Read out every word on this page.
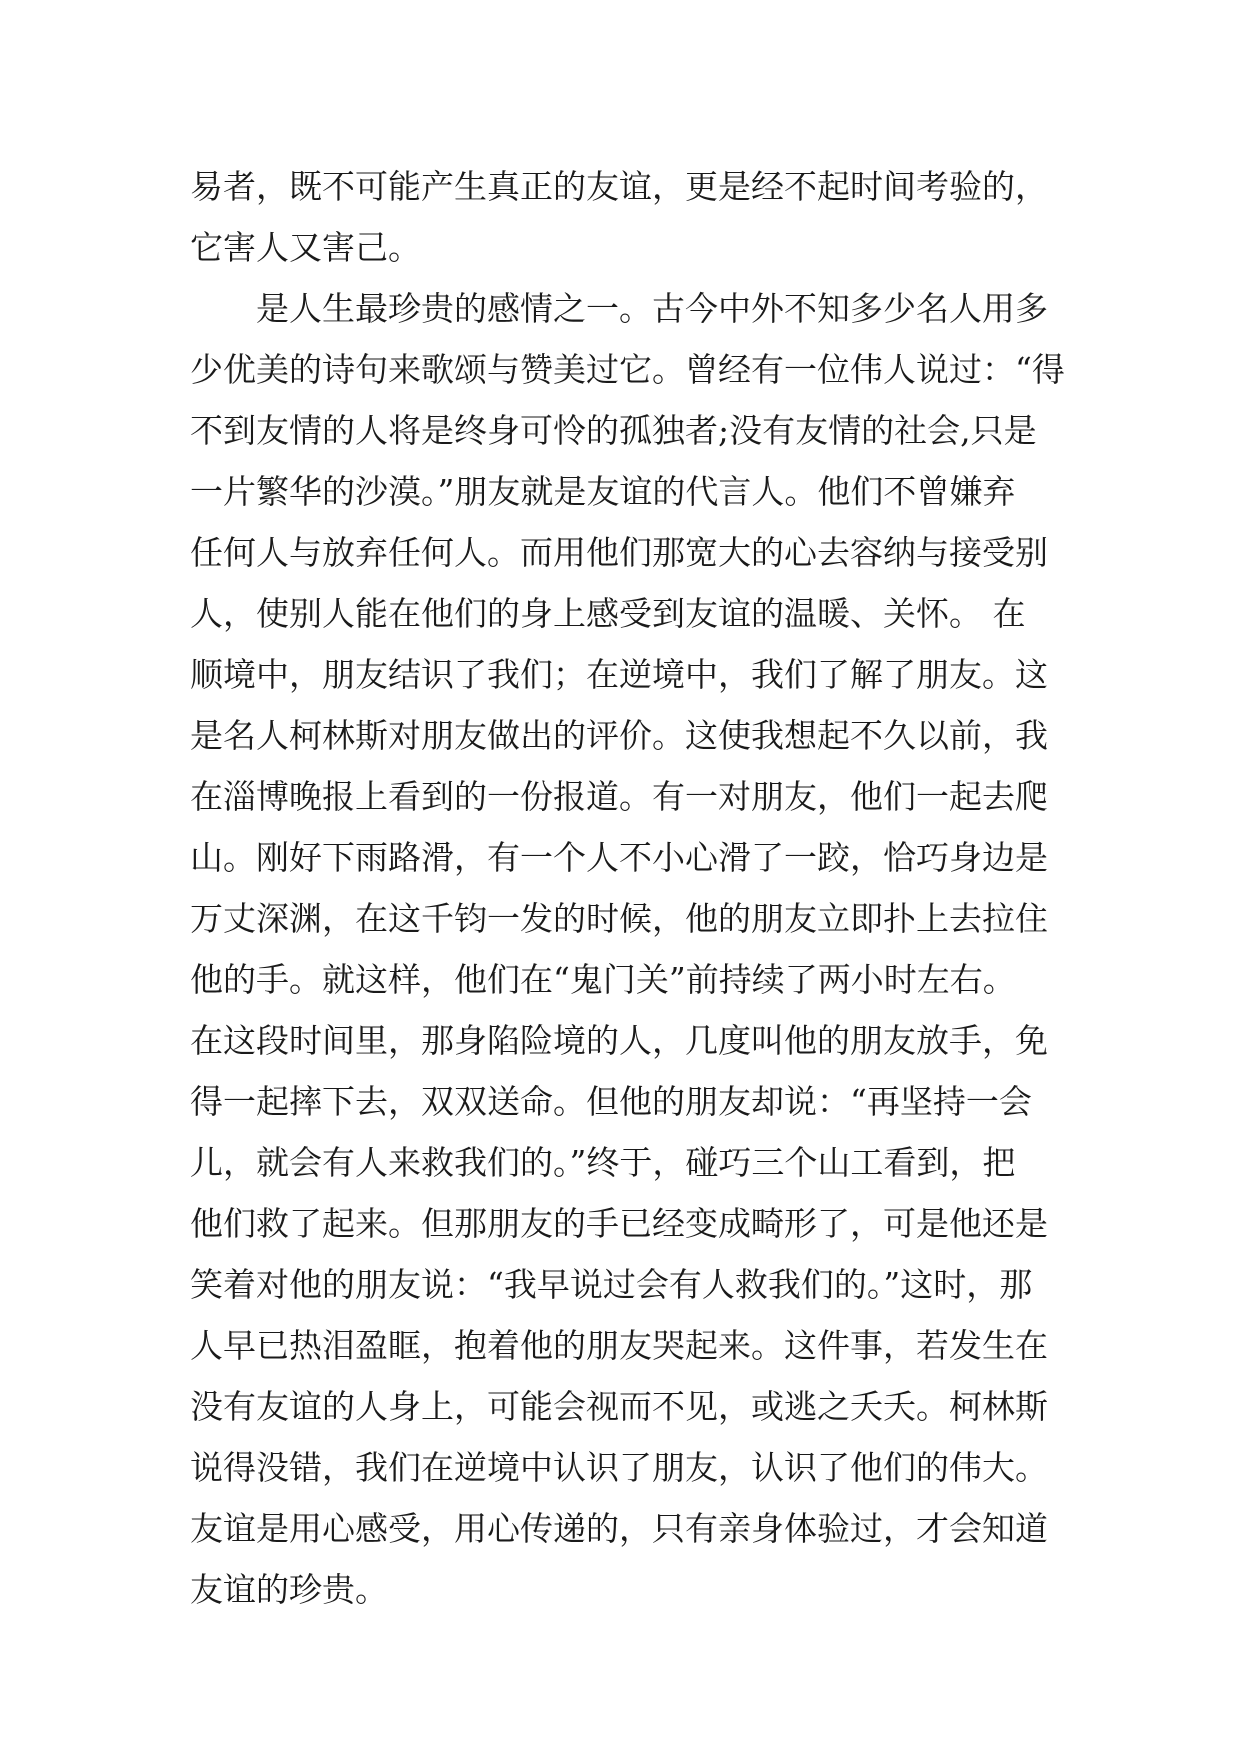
易者，既不可能产生真正的友谊，更是经不起时间考验的，
它害人又害己。
　　是人生最珍贵的感情之一。古今中外不知多少名人用多
少优美的诗句来歌颂与赞美过它。曾经有一位伟人说过：“得
不到友情的人将是终身可怜的孤独者;没有友情的社会,只是
一片繁华的沙漠。”朋友就是友谊的代言人。他们不曾嫌弃
任何人与放弃任何人。而用他们那宽大的心去容纳与接受别
人，使别人能在他们的身上感受到友谊的温暖、关怀。 在
顺境中，朋友结识了我们；在逆境中，我们了解了朋友。这
是名人柯林斯对朋友做出的评价。这使我想起不久以前，我
在淄博晚报上看到的一份报道。有一对朋友，他们一起去爬
山。刚好下雨路滑，有一个人不小心滑了一跤，恰巧身边是
万丈深渊，在这千钧一发的时候，他的朋友立即扑上去拉住
他的手。就这样，他们在“鬼门关”前持续了两小时左右。
在这段时间里，那身陷险境的人，几度叫他的朋友放手，免
得一起摔下去，双双送命。但他的朋友却说：“再坚持一会
儿，就会有人来救我们的。”终于，碰巧三个山工看到，把
他们救了起来。但那朋友的手已经变成畸形了，可是他还是
笑着对他的朋友说：“我早说过会有人救我们的。”这时，那
人早已热泪盈眶，抱着他的朋友哭起来。这件事，若发生在
没有友谊的人身上，可能会视而不见，或逃之夭夭。柯林斯
说得没错，我们在逆境中认识了朋友，认识了他们的伟大。
友谊是用心感受，用心传递的，只有亲身体验过，才会知道
友谊的珍贵。
